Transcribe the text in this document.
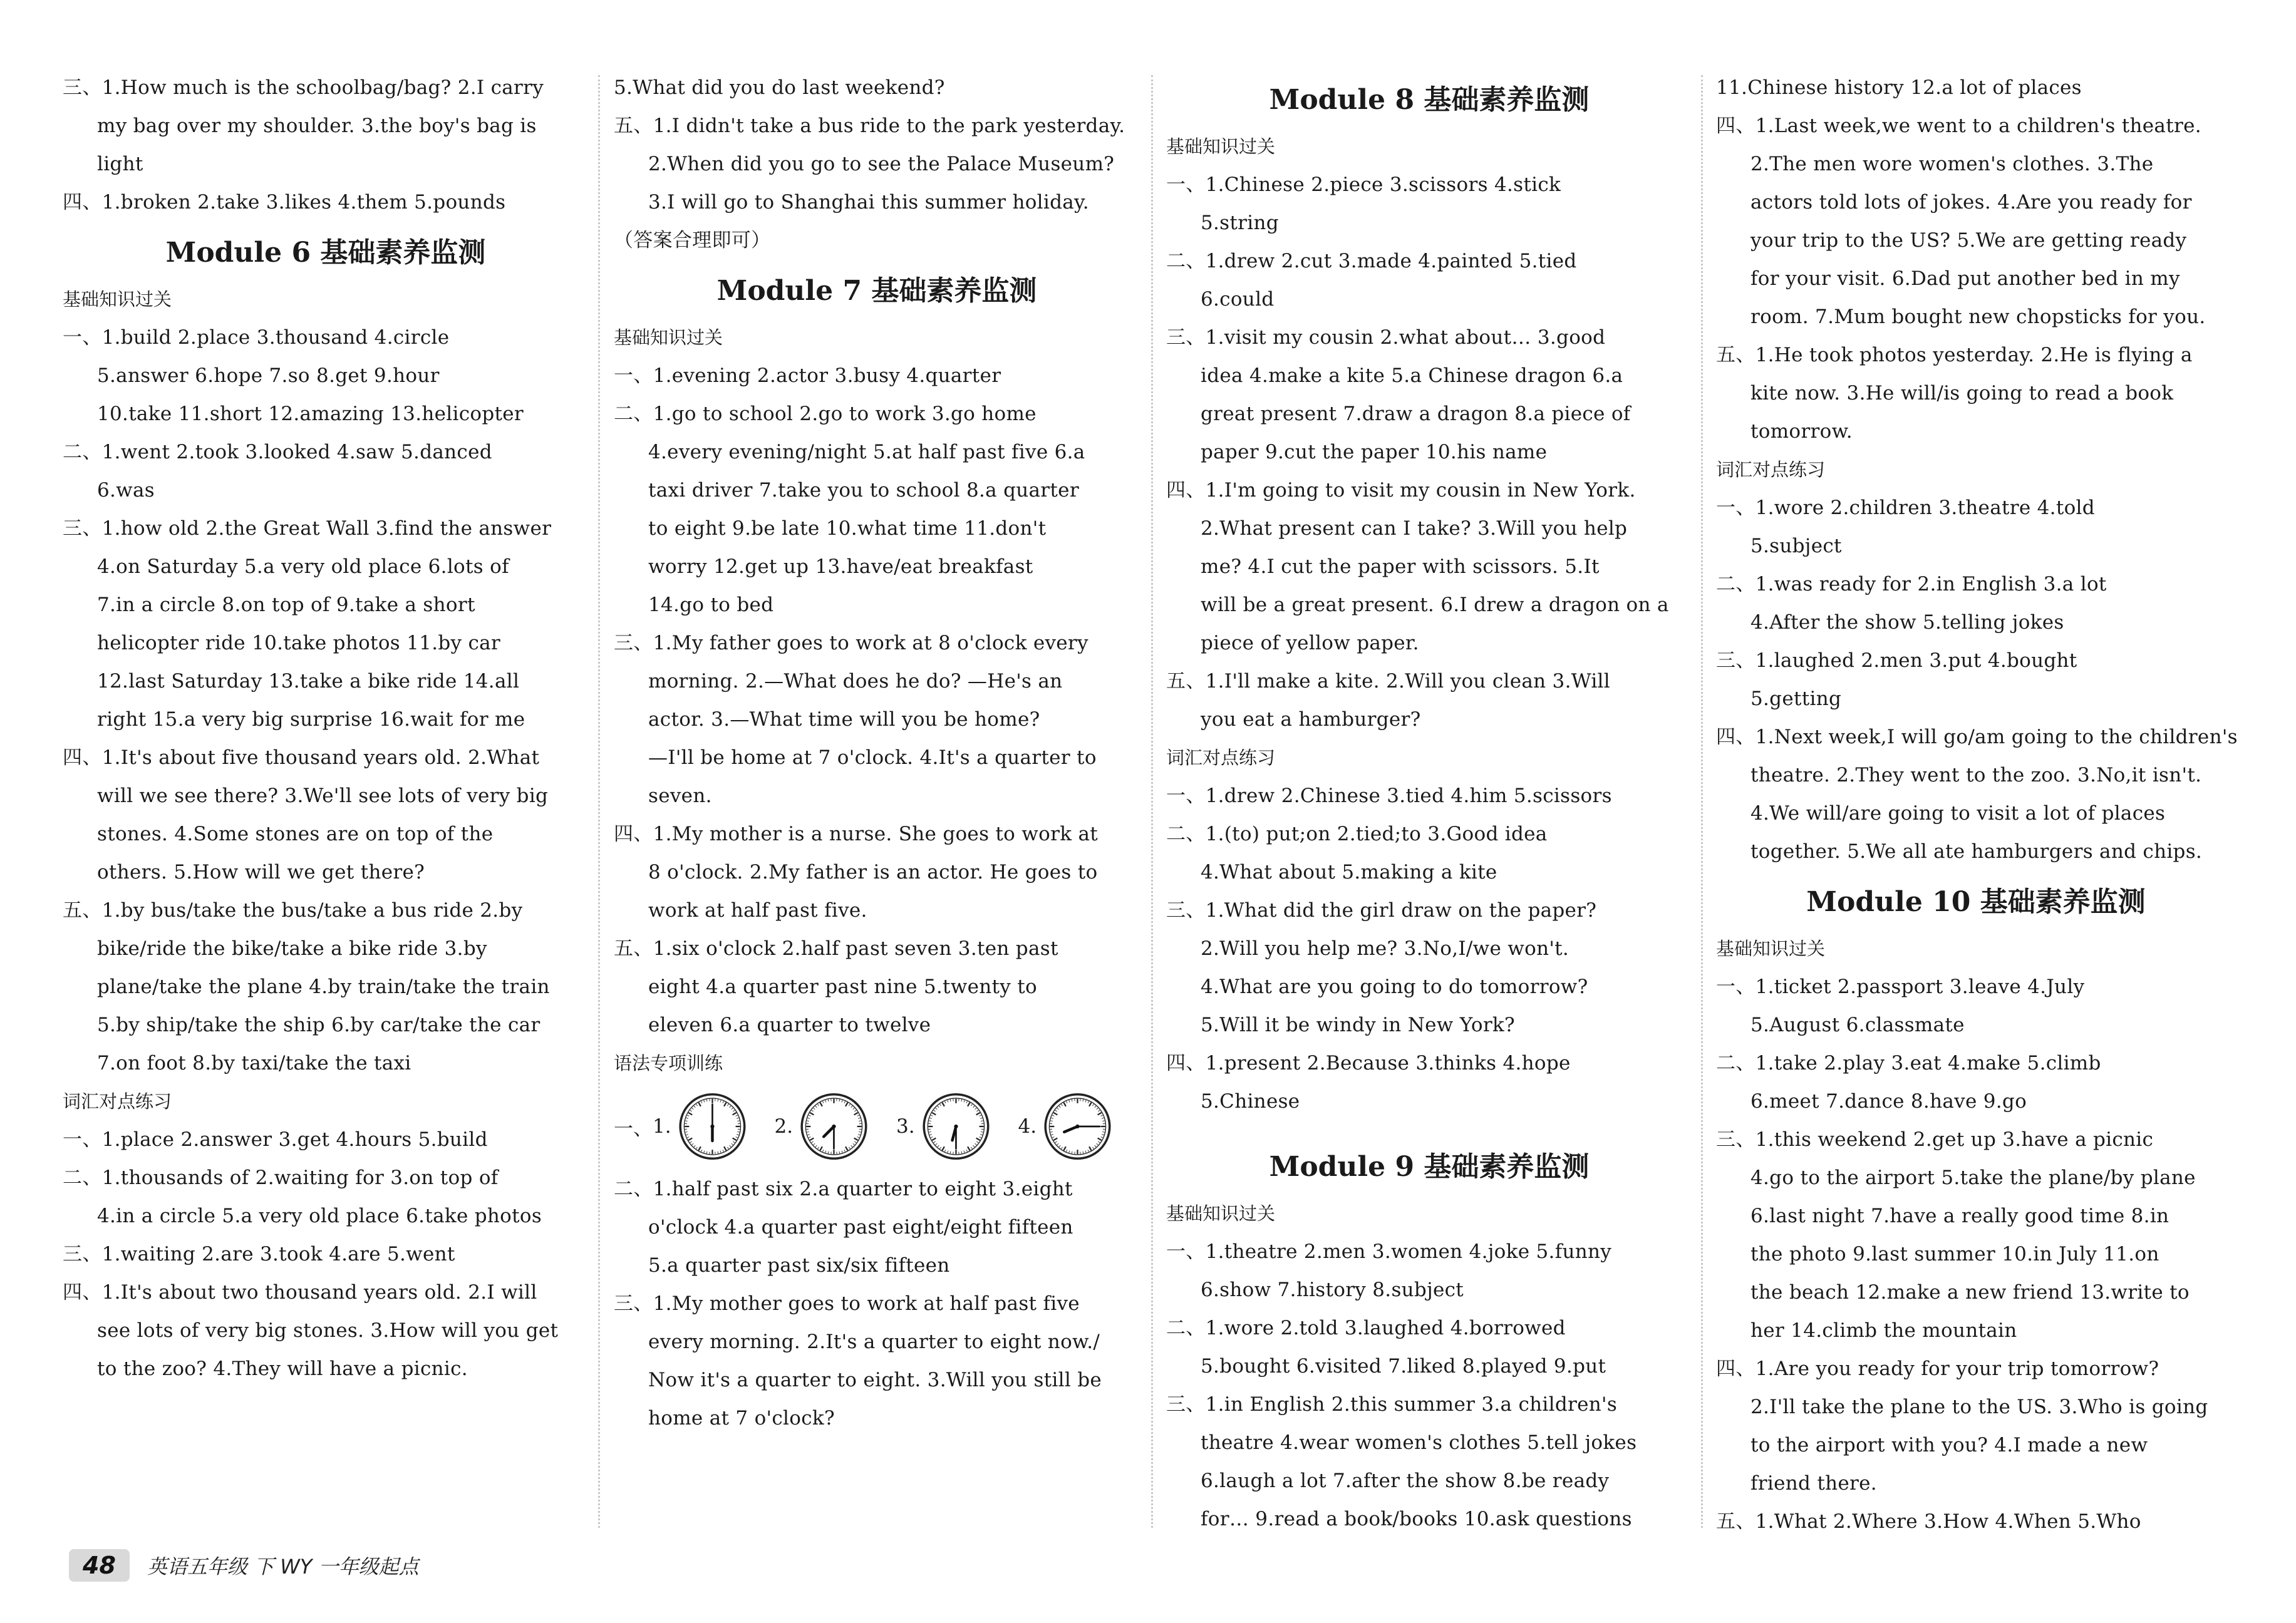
三、1.How much is the schoolbag/bag? 2.I carry
my bag over my shoulder. 3.the boy's bag is
light
四、1.broken 2.take 3.likes 4.them 5.pounds
Module 6 基础素养监测
基础知识过关
一、1.build 2.place 3.thousand 4.circle
5.answer 6.hope 7.so 8.get 9.hour
10.take 11.short 12.amazing 13.helicopter
二、1.went 2.took 3.looked 4.saw 5.danced
6.was
三、1.how old 2.the Great Wall 3.find the answer
4.on Saturday 5.a very old place 6.lots of
7.in a circle 8.on top of 9.take a short
helicopter ride 10.take photos 11.by car
12.last Saturday 13.take a bike ride 14.all
right 15.a very big surprise 16.wait for me
四、1.It's about five thousand years old. 2.What
will we see there? 3.We'll see lots of very big
stones. 4.Some stones are on top of the
others. 5.How will we get there?
五、1.by bus/take the bus/take a bus ride 2.by
bike/ride the bike/take a bike ride 3.by
plane/take the plane 4.by train/take the train
5.by ship/take the ship 6.by car/take the car
7.on foot 8.by taxi/take the taxi
词汇对点练习
一、1.place 2.answer 3.get 4.hours 5.build
二、1.thousands of 2.waiting for 3.on top of
4.in a circle 5.a very old place 6.take photos
三、1.waiting 2.are 3.took 4.are 5.went
四、1.It's about two thousand years old. 2.I will
see lots of very big stones. 3.How will you get
to the zoo? 4.They will have a picnic.
5.What did you do last weekend?
五、1.I didn't take a bus ride to the park yesterday.
2.When did you go to see the Palace Museum?
3.I will go to Shanghai this summer holiday.
（答案合理即可）
Module 7 基础素养监测
基础知识过关
一、1.evening 2.actor 3.busy 4.quarter
二、1.go to school 2.go to work 3.go home
4.every evening/night 5.at half past five 6.a
taxi driver 7.take you to school 8.a quarter
to eight 9.be late 10.what time 11.don't
worry 12.get up 13.have/eat breakfast
14.go to bed
三、1.My father goes to work at 8 o'clock every
morning. 2.—What does he do? —He's an
actor. 3.—What time will you be home?
—I'll be home at 7 o'clock. 4.It's a quarter to
seven.
四、1.My mother is a nurse. She goes to work at
8 o'clock. 2.My father is an actor. He goes to
work at half past five.
五、1.six o'clock 2.half past seven 3.ten past
eight 4.a quarter past nine 5.twenty to
eleven 6.a quarter to twelve
语法专项训练
一、 1.	2.	3.	4.
二、1.half past six 2.a quarter to eight 3.eight
o'clock 4.a quarter past eight/eight fifteen
5.a quarter past six/six fifteen
三、1.My mother goes to work at half past five
every morning. 2.It's a quarter to eight now./
Now it's a quarter to eight. 3.Will you still be
home at 7 o'clock?
Module 8 基础素养监测
基础知识过关
一、1.Chinese 2.piece 3.scissors 4.stick
5.string
二、1.drew 2.cut 3.made 4.painted 5.tied
6.could
三、1.visit my cousin 2.what about… 3.good
idea 4.make a kite 5.a Chinese dragon 6.a
great present 7.draw a dragon 8.a piece of
paper 9.cut the paper 10.his name
四、1.I'm going to visit my cousin in New York.
2.What present can I take? 3.Will you help
me? 4.I cut the paper with scissors. 5.It
will be a great present. 6.I drew a dragon on a
piece of yellow paper.
五、1.I'll make a kite. 2.Will you clean 3.Will
you eat a hamburger?
词汇对点练习
一、1.drew 2.Chinese 3.tied 4.him 5.scissors
二、1.(to) put;on 2.tied;to 3.Good idea
4.What about 5.making a kite
三、1.What did the girl draw on the paper?
2.Will you help me? 3.No,I/we won't.
4.What are you going to do tomorrow?
5.Will it be windy in New York?
四、1.present 2.Because 3.thinks 4.hope
5.Chinese
Module 9 基础素养监测
基础知识过关
一、1.theatre 2.men 3.women 4.joke 5.funny
6.show 7.history 8.subject
二、1.wore 2.told 3.laughed 4.borrowed
5.bought 6.visited 7.liked 8.played 9.put
三、1.in English 2.this summer 3.a children's
theatre 4.wear women's clothes 5.tell jokes
6.laugh a lot 7.after the show 8.be ready
for… 9.read a book/books 10.ask questions
11.Chinese history 12.a lot of places
四、1.Last week,we went to a children's theatre.
2.The men wore women's clothes. 3.The
actors told lots of jokes. 4.Are you ready for
your trip to the US? 5.We are getting ready
for your visit. 6.Dad put another bed in my
room. 7.Mum bought new chopsticks for you.
五、1.He took photos yesterday. 2.He is flying a
kite now. 3.He will/is going to read a book
tomorrow.
词汇对点练习
一、1.wore 2.children 3.theatre 4.told
5.subject
二、1.was ready for 2.in English 3.a lot
4.After the show 5.telling jokes
三、1.laughed 2.men 3.put 4.bought
5.getting
四、1.Next week,I will go/am going to the children's
theatre. 2.They went to the zoo. 3.No,it isn't.
4.We will/are going to visit a lot of places
together. 5.We all ate hamburgers and chips.
Module 10 基础素养监测
基础知识过关
一、1.ticket 2.passport 3.leave 4.July
5.August 6.classmate
二、1.take 2.play 3.eat 4.make 5.climb
6.meet 7.dance 8.have 9.go
三、1.this weekend 2.get up 3.have a picnic
4.go to the airport 5.take the plane/by plane
6.last night 7.have a really good time 8.in
the photo 9.last summer 10.in July 11.on
the beach 12.make a new friend 13.write to
her 14.climb the mountain
四、1.Are you ready for your trip tomorrow?
2.I'll take the plane to the US. 3.Who is going
to the airport with you? 4.I made a new
friend there.
五、1.What 2.Where 3.How 4.When 5.Who
48	英语五年级 下 WY 一年级起点
